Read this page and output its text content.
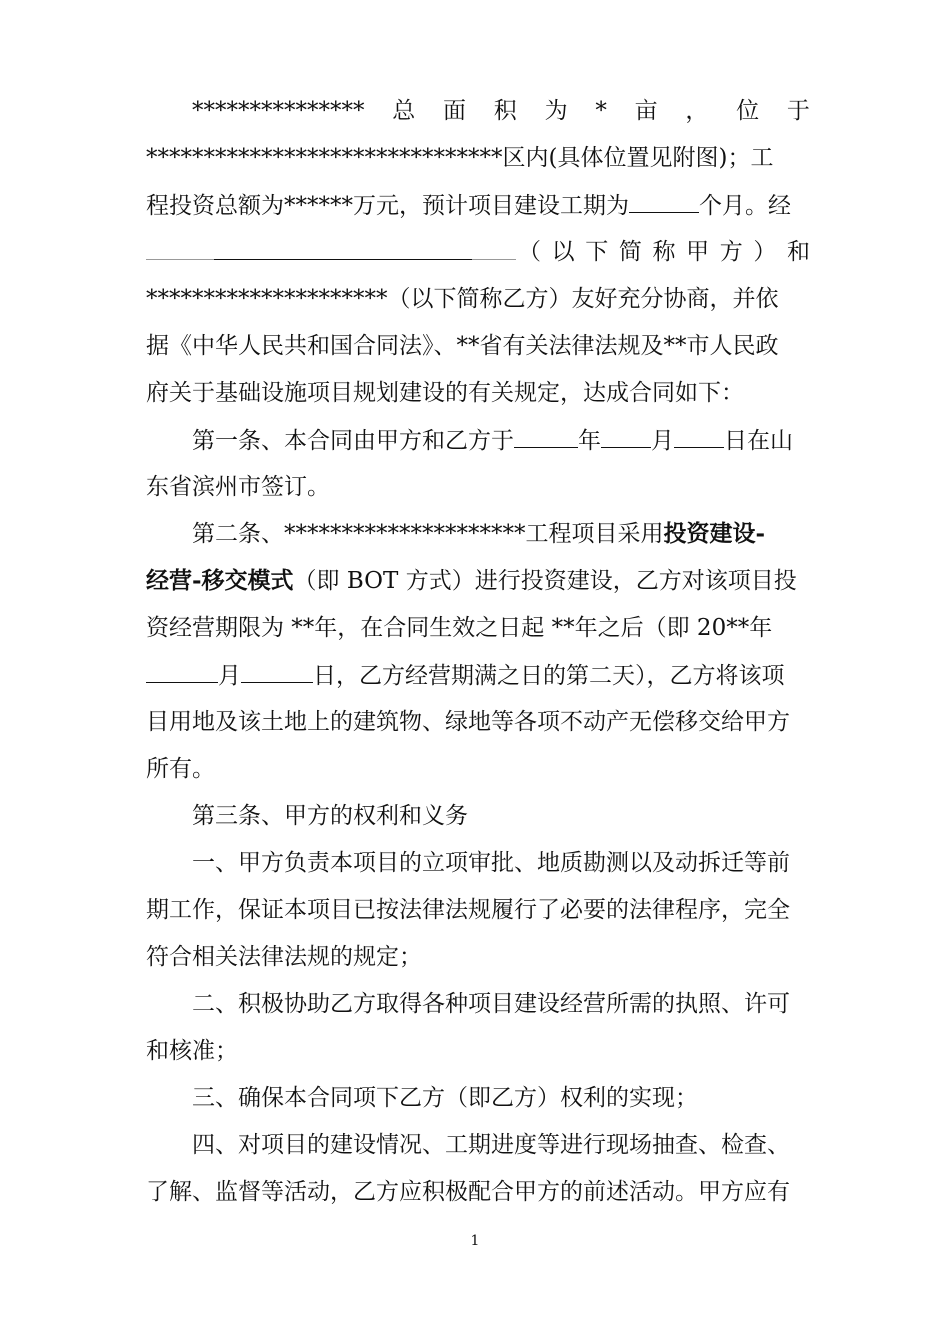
*************** 总 面 积 为 * 亩 ， 位 于
*******************************区内(具体位置见附图)；工
程投资总额为******万元，预计项目建设工期为	个月。经
（ 以 下 简 称 甲 方 ） 和
*********************（以下简称乙方）友好充分协商，并依
据《中华人民共和国合同法》、**省有关法律法规及**市人民政
府关于基础设施项目规划建设的有关规定，达成合同如下：
第一条、本合同由甲方和乙方于	年 月 日在山
东省滨州市签订。
第二条、*********************工程项目采用投资建设-
经营-移交模式（即 BOT 方式）进行投资建设，乙方对该项目投
资经营期限为 **年，在合同生效之日起 **年之后（即 20**年
月	日，乙方经营期满之日的第二天），乙方将该项
目用地及该土地上的建筑物、绿地等各项不动产无偿移交给甲方
所有。
第三条、甲方的权利和义务
一、甲方负责本项目的立项审批、地质勘测以及动拆迁等前
期工作，保证本项目已按法律法规履行了必要的法律程序，完全
符合相关法律法规的规定；
二、积极协助乙方取得各种项目建设经营所需的执照、许可
和核准；
三、确保本合同项下乙方（即乙方）权利的实现；
四、对项目的建设情况、工期进度等进行现场抽查、检查、
了解、监督等活动，乙方应积极配合甲方的前述活动。甲方应有
1
